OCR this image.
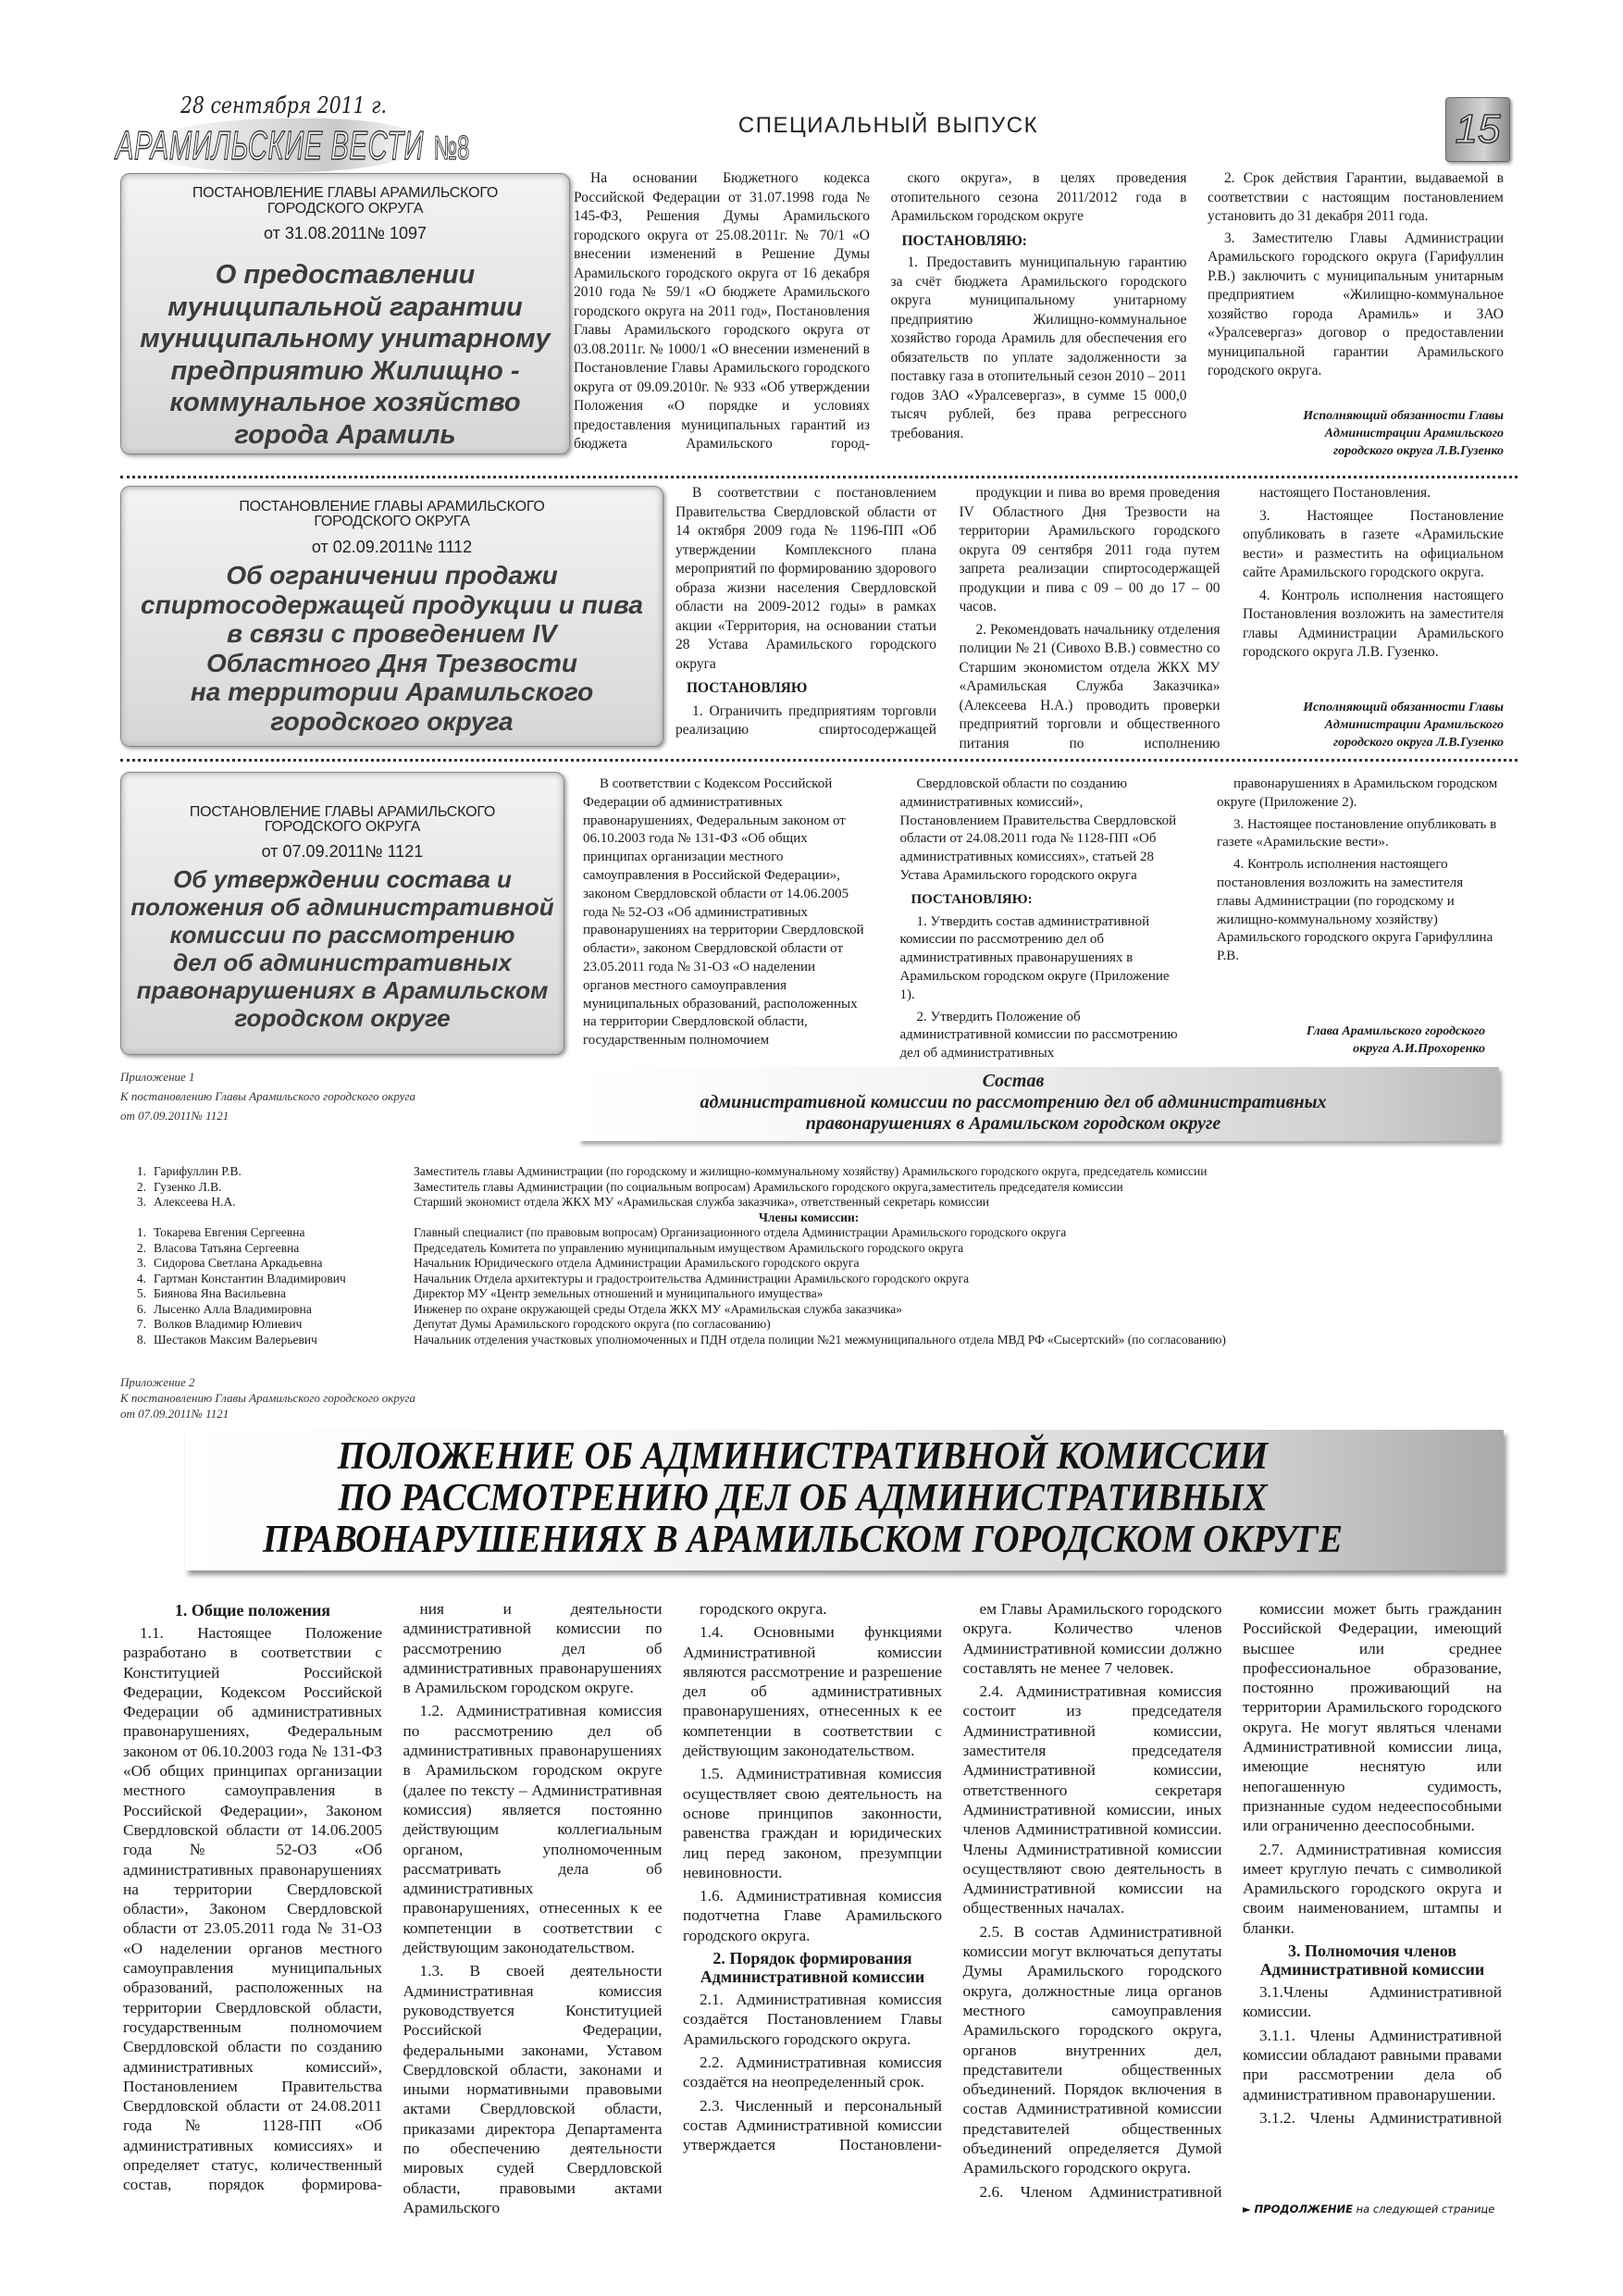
28 сентября 2011 г.
АРАМИЛЬСКИЕ ВЕСТИ №8
СПЕЦИАЛЬНЫЙ ВЫПУСК	15
ПОСТАНОВЛЕНИЕ ГЛАВЫ АРАМИЛЬСКОГО
ГОРОДСКОГО ОКРУГА
от 31.08.2011№ 1097
О предоставлении
муниципальной гарантии
муниципальному унитарному
предприятию Жилищно -
коммунальное хозяйство
города Арамиль

На основании Бюджетного кодекса Российской Федерации от 31.07.1998 года № 145-ФЗ, Решения Думы Арамильского городского округа от 25.08.2011г. № 70/1 «О внесении изменений в Решение Думы Арамильского городского округа от 16 декабря 2010 года № 59/1 «О бюджете Арамильского городского округа на 2011 год», Постановления Главы Арамильского городского округа от 03.08.2011г. № 1000/1 «О внесении изменений в Постановление Главы Арамильского городского округа от 09.09.2010г. № 933 «Об утверждении Положения «О порядке и условиях предоставления муниципальных гарантий из бюджета Арамильского город-

ского округа», в целях проведения отопительного сезона 2011/2012 года в Арамильском городском округе

ПОСТАНОВЛЯЮ:

1. Предоставить муниципальную гарантию за счёт бюджета Арамильского городского округа муниципальному унитарному предприятию Жилищно-коммунальное хозяйство города Арамиль для обеспечения его обязательств по уплате задолженности за поставку газа в отопительный сезон 2010 – 2011 годов ЗАО «Уралсевергаз», в сумме 15 000,0 тысяч рублей, без права регрессного требования.

2. Срок действия Гарантии, выдаваемой в соответствии с настоящим постановлением установить до 31 декабря 2011 года.

3. Заместителю Главы Администрации Арамильского городского округа (Гарифуллин Р.В.) заключить с муниципальным унитарным предприятием «Жилищно-коммунальное хозяйство города Арамиль» и ЗАО «Уралсевергаз» договор о предоставлении муниципальной гарантии Арамильского городского округа.

Исполняющий обязанности Главы
Администрации Арамильского
городского округа Л.В.Гузенко
ПОСТАНОВЛЕНИЕ ГЛАВЫ АРАМИЛЬСКОГО
ГОРОДСКОГО ОКРУГА
от 02.09.2011№ 1112
Об ограничении продажи
спиртосодержащей продукции и пива
в связи с проведением IV
Областного Дня Трезвости
на территории Арамильского
городского округа

В соответствии с постановлением Правительства Свердловской области от 14 октября 2009 года № 1196-ПП «Об утверждении Комплексного плана мероприятий по формированию здорового образа жизни населения Свердловской области на 2009-2012 годы» в рамках акции «Территория, на основании статьи 28 Устава Арамильского городского округа

ПОСТАНОВЛЯЮ

1. Ограничить предприятиям торговли реализацию спиртосодержащей

продукции и пива во время проведения IV Областного Дня Трезвости на территории Арамильского городского округа 09 сентября 2011 года путем запрета реализации спиртосодержащей продукции и пива с 09 – 00 до 17 – 00 часов.

2. Рекомендовать начальнику отделения полиции № 21 (Сивохо В.В.) совместно со Старшим экономистом отдела ЖКХ МУ «Арамильская Служба Заказчика» (Алексеева Н.А.) проводить проверки предприятий торговли и общественного питания по исполнению

настоящего Постановления.

3. Настоящее Постановление опубликовать в газете «Арамильские вести» и разместить на официальном сайте Арамильского городского округа.

4. Контроль исполнения настоящего Постановления возложить на заместителя главы Администрации Арамильского городского округа Л.В. Гузенко.

Исполняющий обязанности Главы
Администрации Арамильского
городского округа Л.В.Гузенко
ПОСТАНОВЛЕНИЕ ГЛАВЫ АРАМИЛЬСКОГО
ГОРОДСКОГО ОКРУГА
от 07.09.2011№ 1121
Об утверждении состава и
положения об административной
комиссии по рассмотрению
дел об административных
правонарушениях в Арамильском
городском округе

В соответствии с Кодексом Российской Федерации об административных правонарушениях, Федеральным законом от 06.10.2003 года № 131-ФЗ «Об общих принципах организации местного самоуправления в Российской Федерации», законом Свердловской области от 14.06.2005 года № 52-ОЗ «Об административных правонарушениях на территории Свердловской области», законом Свердловской области от 23.05.2011 года № 31-ОЗ «О наделении органов местного самоуправления муниципальных образований, расположенных на территории Свердловской области, государственным полномочием

Свердловской области по созданию административных комиссий», Постановлением Правительства Свердловской области от 24.08.2011 года № 1128-ПП «Об административных комиссиях», статьей 28 Устава Арамильского городского округа

ПОСТАНОВЛЯЮ:

1. Утвердить состав административной комиссии по рассмотрению дел об административных правонарушениях в Арамильском городском округе (Приложение 1).

2. Утвердить Положение об административной комиссии по рассмотрению дел об административных

правонарушениях в Арамильском городском округе (Приложение 2).

3. Настоящее постановление опубликовать в газете «Арамильские вести».

4. Контроль исполнения настоящего постановления возложить на заместителя главы Администрации (по городскому и жилищно-коммунальному хозяйству) Арамильского городского округа Гарифуллина Р.В.

Глава Арамильского городского
округа А.И.Прохоренко
Приложение 1
К постановлению Главы Арамильского городского округа
от 07.09.2011№ 1121
Состав
административной комиссии по рассмотрению дел об административных
правонарушениях в Арамильском городском округе
1. Гарифуллин Р.В.	Заместитель главы Администрации (по городскому и жилищно-коммунальному хозяйству) Арамильского городского округа, председатель комиссии
2. Гузенко Л.В.	Заместитель главы Администрации (по социальным вопросам) Арамильского городского округа,заместитель председателя комиссии
3. Алексеева Н.А.	Старший экономист отдела ЖКХ МУ «Арамильская служба заказчика», ответственный секретарь комиссии
Члены комиссии:
1. Токарева Евгения Сергеевна	Главный специалист (по правовым вопросам) Организационного отдела Администрации Арамильского городского округа
2. Власова Татьяна Сергеевна	Председатель Комитета по управлению муниципальным имуществом Арамильского городского округа
3. Сидорова Светлана Аркадьевна	Начальник Юридического отдела Администрации Арамильского городского округа
4. Гартман Константин Владимирович	Начальник Отдела архитектуры и градостроительства Администрации Арамильского городского округа
5. Биянова Яна Васильевна	Директор МУ «Центр земельных отношений и муниципального имущества»
6. Лысенко Алла Владимировна	Инженер по охране окружающей среды Отдела ЖКХ МУ «Арамильская служба заказчика»
7. Волков Владимир Юлиевич	Депутат Думы Арамильского городского округа (по согласованию)
8. Шестаков Максим Валерьевич	Начальник отделения участковых уполномоченных и ПДН отдела полиции №21 межмуниципального отдела МВД РФ «Сысертский» (по согласованию)
Приложение 2
К постановлению Главы Арамильского городского округа
от 07.09.2011№ 1121
ПОЛОЖЕНИЕ ОБ АДМИНИСТРАТИВНОЙ КОМИССИИ
ПО РАССМОТРЕНИЮ ДЕЛ ОБ АДМИНИСТРАТИВНЫХ
ПРАВОНАРУШЕНИЯХ В АРАМИЛЬСКОМ ГОРОДСКОМ ОКРУГЕ

1. Общие положения

1.1. Настоящее Положение разработано в соответствии с Конституцией Российской Федерации, Кодексом Российской Федерации об административных правонарушениях, Федеральным законом от 06.10.2003 года № 131-ФЗ «Об общих принципах организации местного самоуправления в Российской Федерации», Законом Свердловской области от 14.06.2005 года № 52-ОЗ «Об административных правонарушениях на территории Свердловской области», Законом Свердловской области от 23.05.2011 года № 31-ОЗ «О наделении органов местного самоуправления муниципальных образований, расположенных на территории Свердловской области, государственным полномочием Свердловской области по созданию административных комиссий», Постановлением Правительства Свердловской области от 24.08.2011 года № 1128-ПП «Об административных комиссиях» и определяет статус, количественный состав, порядок формирова-

ния и деятельности административной комиссии по рассмотрению дел об административных правонарушениях в Арамильском городском округе.

1.2. Административная комиссия по рассмотрению дел об административных правонарушениях в Арамильском городском округе (далее по тексту – Административная комиссия) является постоянно действующим коллегиальным органом, уполномоченным рассматривать дела об административных правонарушениях, отнесенных к ее компетенции в соответствии с действующим законодательством.

1.3. В своей деятельности Административная комиссия руководствуется Конституцией Российской Федерации, федеральными законами, Уставом Свердловской области, законами и иными нормативными правовыми актами Свердловской области, приказами директора Департамента по обеспечению деятельности мировых судей Свердловской области, правовыми актами Арамильского

городского округа.

1.4. Основными функциями Административной комиссии являются рассмотрение и разрешение дел об административных правонарушениях, отнесенных к ее компетенции в соответствии с действующим законодательством.

1.5. Административная комиссия осуществляет свою деятельность на основе принципов законности, равенства граждан и юридических лиц перед законом, презумпции невиновности.

1.6. Административная комиссия подотчетна Главе Арамильского городского округа.

2. Порядок формирования Административной комиссии

2.1. Административная комиссия создаётся Постановлением Главы Арамильского городского округа.

2.2. Административная комиссия создаётся на неопределенный срок.

2.3. Численный и персональный состав Административной комиссии утверждается Постановлени-

ем Главы Арамильского городского округа. Количество членов Административной комиссии должно составлять не менее 7 человек.

2.4. Административная комиссия состоит из председателя Административной комиссии, заместителя председателя Административной комиссии, ответственного секретаря Административной комиссии, иных членов Административной комиссии. Члены Административной комиссии осуществляют свою деятельность в Административной комиссии на общественных началах.

2.5. В состав Административной комиссии могут включаться депутаты Думы Арамильского городского округа, должностные лица органов местного самоуправления Арамильского городского округа, органов внутренних дел, представители общественных объединений. Порядок включения в состав Административной комиссии представителей общественных объединений определяется Думой Арамильского городского округа.

2.6. Членом Административной

комиссии может быть гражданин Российской Федерации, имеющий высшее или среднее профессиональное образование, постоянно проживающий на территории Арамильского городского округа. Не могут являться членами Административной комиссии лица, имеющие неснятую или непогашенную судимость, признанные судом недееспособными или ограниченно дееспособными.

2.7. Административная комиссия имеет круглую печать с символикой Арамильского городского округа и своим наименованием, штампы и бланки.

3. Полномочия членов Административной комиссии

3.1.Члены Административной комиссии.

3.1.1. Члены Административной комиссии обладают равными правами при рассмотрении дела об административном правонарушении.

3.1.2. Члены Административной

► ПРОДОЛЖЕНИЕ на следующей странице
